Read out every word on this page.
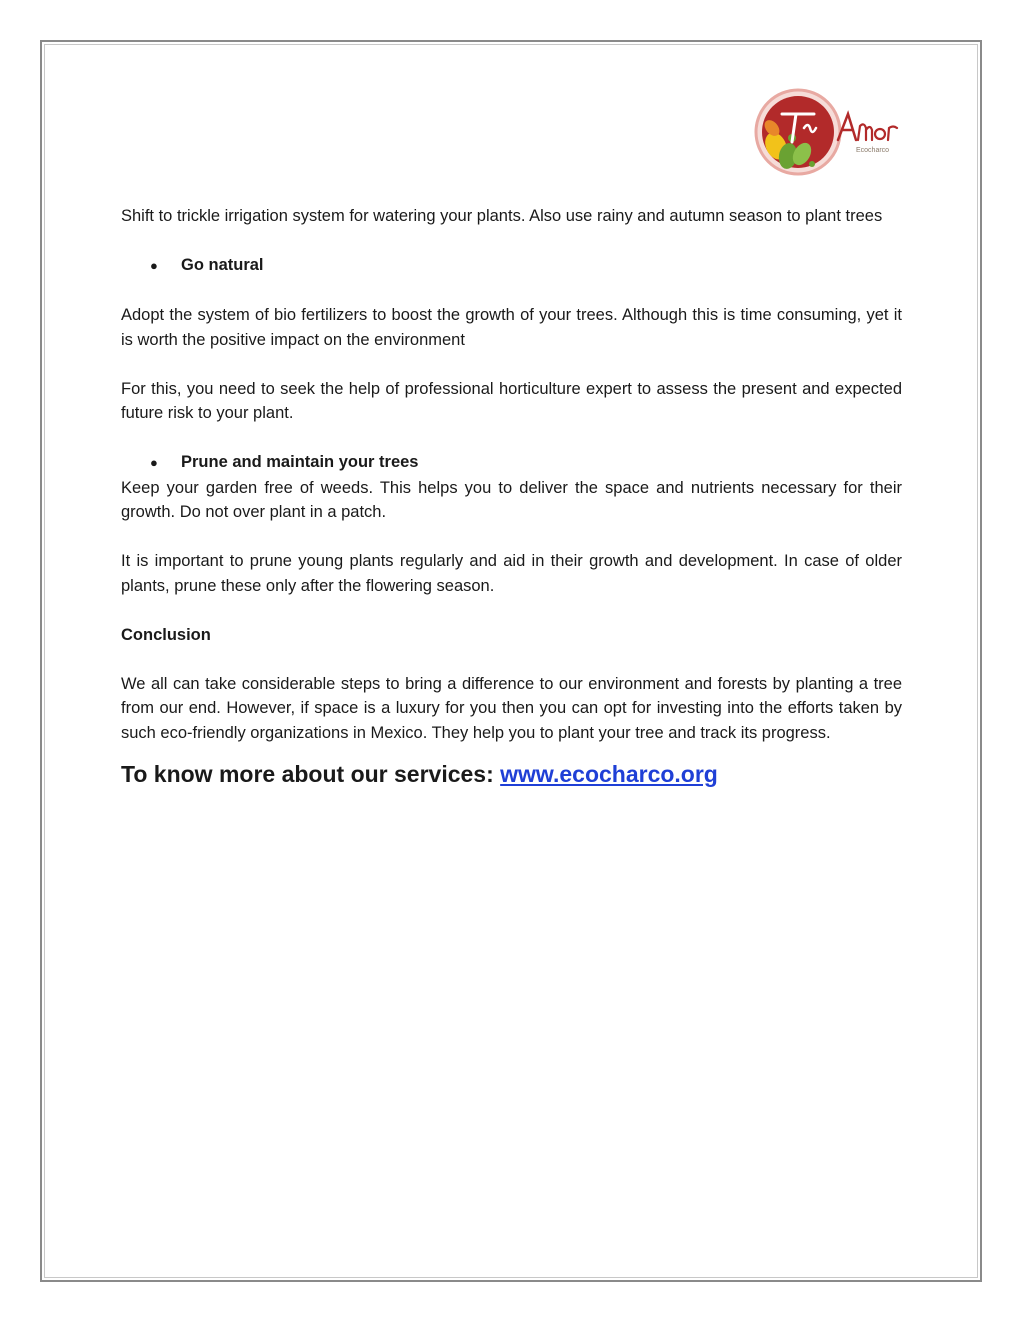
Ecocharco

Shift to trickle irrigation system for watering your plants. Also use rainy and autumn season to plant trees

●	Go natural

Adopt the system of bio fertilizers to boost the growth of your trees. Although this is time consuming, yet it is worth the positive impact on the environment

For this, you need to seek the help of professional horticulture expert to assess the present and expected future risk to your plant.

●	Prune and maintain your trees

Keep your garden free of weeds. This helps you to deliver the space and nutrients necessary for their growth. Do not over plant in a patch.

It is important to prune young plants regularly and aid in their growth and development. In case of older plants, prune these only after the flowering season.

Conclusion

We all can take considerable steps to bring a difference to our environment and forests by planting a tree from our end. However, if space is a luxury for you then you can opt for investing into the efforts taken by such eco-friendly organizations in Mexico. They help you to plant your tree and track its progress.

To know more about our services: www.ecocharco.org
